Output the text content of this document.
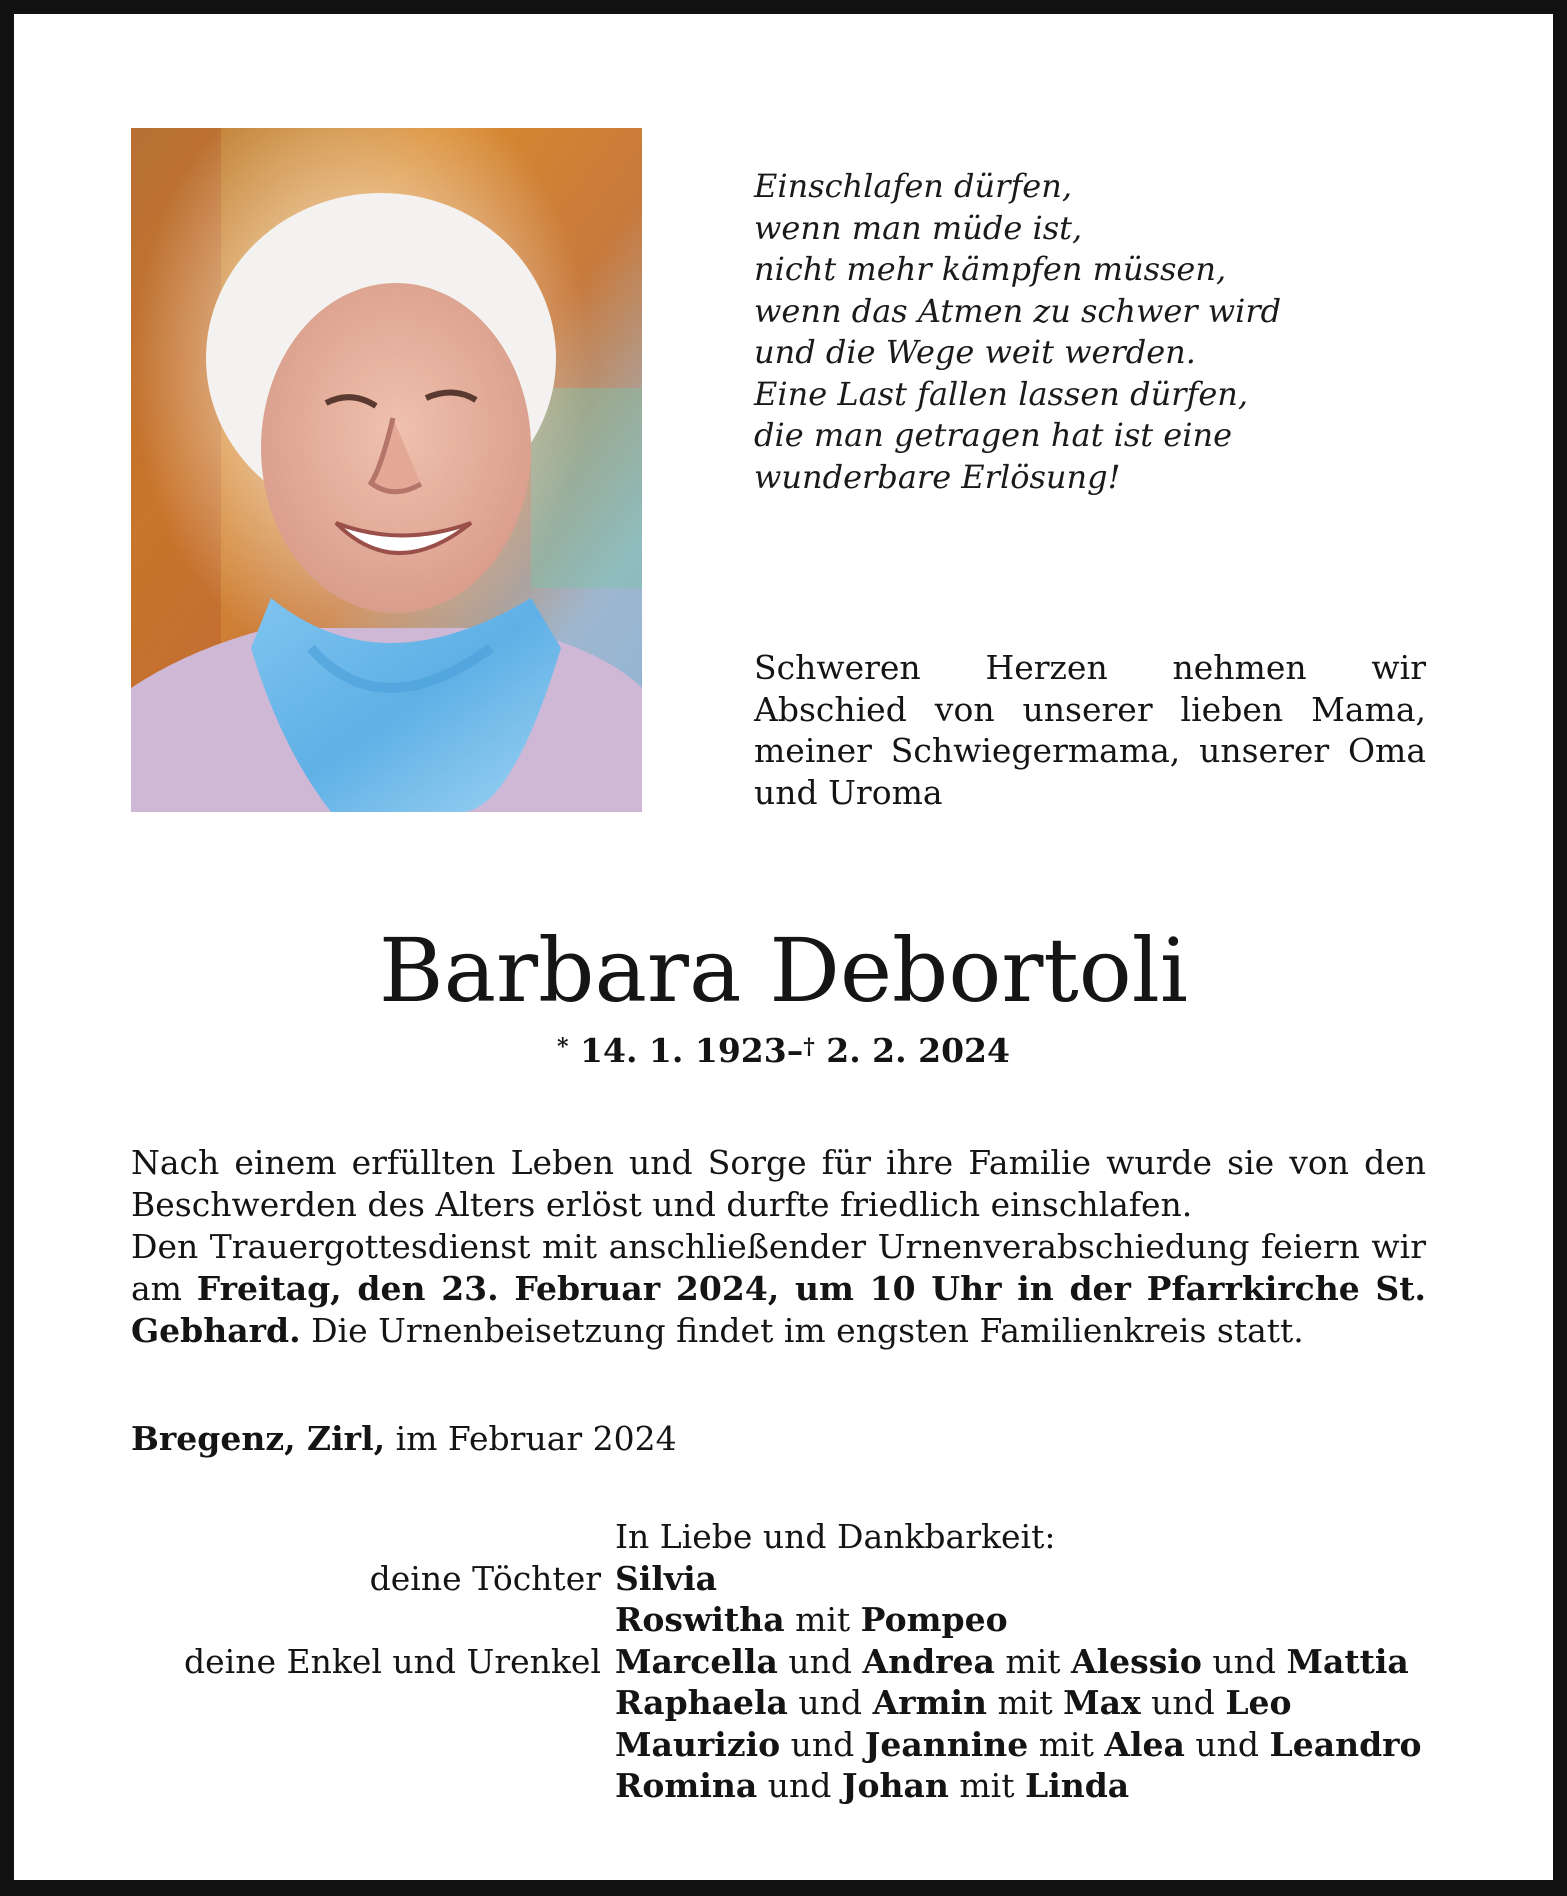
Einschlafen dürfen,
wenn man müde ist,
nicht mehr kämpfen müssen,
wenn das Atmen zu schwer wird
und die Wege weit werden.
Eine Last fallen lassen dürfen,
die man getragen hat ist eine
wunderbare Erlösung!
Schweren Herzen nehmen wir Abschied von unserer lieben Mama, meiner Schwiegermama, unserer Oma und Uroma
Barbara Debortoli
* 14. 1. 1923–† 2. 2. 2024
Nach einem erfüllten Leben und Sorge für ihre Familie wurde sie von den Beschwerden des Alters erlöst und durfte friedlich einschlafen.
Den Trauergottesdienst mit anschließender Urnenverabschiedung feiern wir am Freitag, den 23. Februar 2024, um 10 Uhr in der Pfarrkirche St. Gebhard. Die Urnenbeisetzung findet im engsten Familienkreis statt.
Bregenz, Zirl, im Februar 2024
In Liebe und Dankbarkeit:
deine Töchter Silvia
Roswitha mit Pompeo
deine Enkel und Urenkel Marcella und Andrea mit Alessio und Mattia
Raphaela und Armin mit Max und Leo
Maurizio und Jeannine mit Alea und Leandro
Romina und Johan mit Linda
